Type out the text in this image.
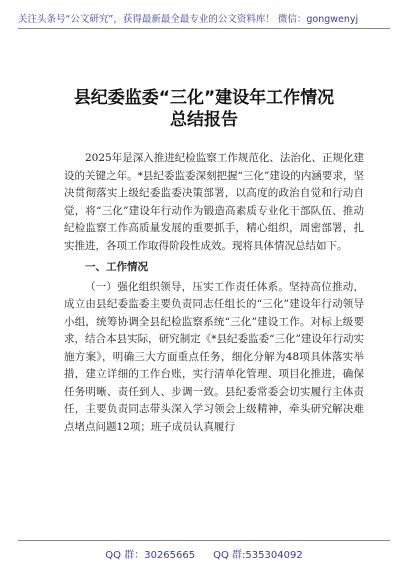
关注头条号“公文研究”，获得最新最全最专业的公文资料库！ 微信：gongwenyj
县纪委监委“三化”建设年工作情况
总结报告

2025年是深入推进纪检监察工作规范化、法治化、正规化建设的关键之年。*县纪委监委深刻把握“三化”建设的内涵要求，坚决贯彻落实上级纪委监委决策部署，以高度的政治自觉和行动自觉，将“三化”建设年行动作为锻造高素质专业化干部队伍、推动纪检监察工作高质量发展的重要抓手，精心组织，周密部署，扎实推进，各项工作取得阶段性成效。现将具体情况总结如下。

一、工作情况

（一）强化组织领导，压实工作责任体系。坚持高位推动，成立由县纪委监委主要负责同志任组长的“三化”建设年行动领导小组，统筹协调全县纪检监察系统“三化”建设工作。对标上级要求，结合本县实际，研究制定《*县纪委监委“三化”建设年行动实施方案》，明确三大方面重点任务，细化分解为48项具体落实举措，建立详细的工作台账，实行清单化管理、项目化推进，确保任务明晰、责任到人、步调一致。县纪委常委会切实履行主体责任，主要负责同志带头深入学习领会上级精神，牵头研究解决难点堵点问题12项；班子成员认真履行

QQ 群：30265665 QQ 群:535304092
